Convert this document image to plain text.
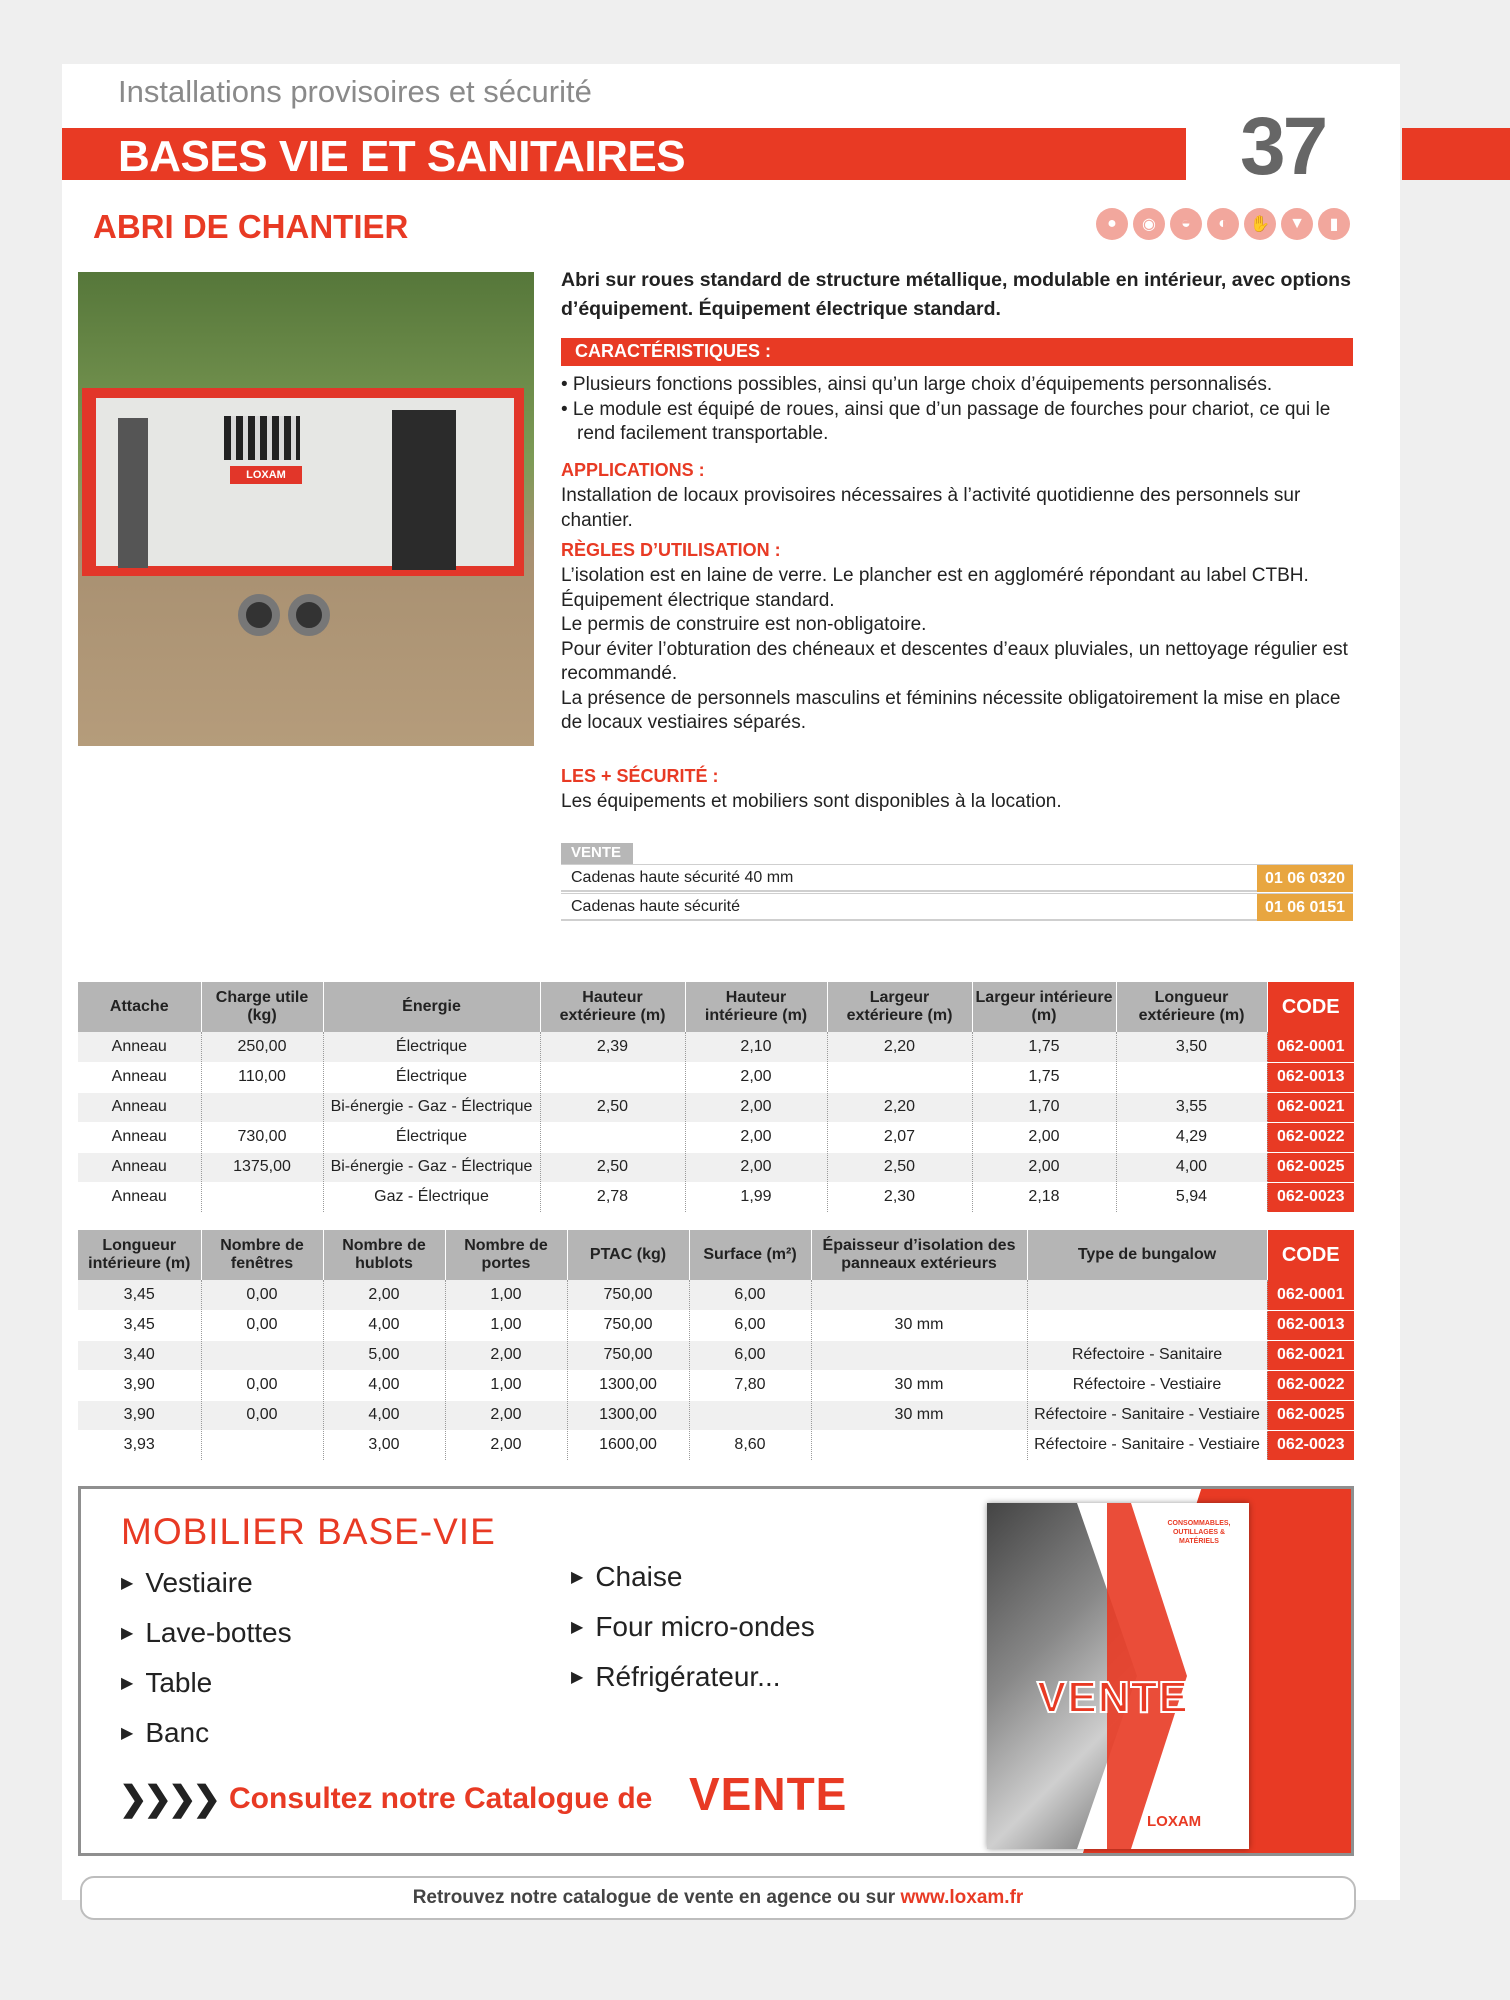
Installations provisoires et sécurité
BASES VIE ET SANITAIRES	37
ABRI DE CHANTIER	●	◉	◒	◐	✋	▼	▮
LOXAM
Abri sur roues standard de structure métallique, modulable en intérieur, avec options d’équipement. Équipement électrique standard.
CARACTÉRISTIQUES :
• Plusieurs fonctions possibles, ainsi qu’un large choix d’équipements personnalisés.
• Le module est équipé de roues, ainsi que d’un passage de fourches pour chariot, ce qui le rend facilement transportable.
APPLICATIONS :
Installation de locaux provisoires nécessaires à l’activité quotidienne des personnels sur chantier.
RÈGLES D’UTILISATION :
L’isolation est en laine de verre. Le plancher est en aggloméré répondant au label CTBH.
Équipement électrique standard.
Le permis de construire est non-obligatoire.
Pour éviter l’obturation des chéneaux et descentes d’eaux pluviales, un nettoyage régulier est recommandé.
La présence de personnels masculins et féminins nécessite obligatoirement la mise en place de locaux vestiaires séparés.
LES + SÉCURITÉ :
Les équipements et mobiliers sont disponibles à la location.
VENTE
Cadenas haute sécurité 40 mm	01 06 0320
Cadenas haute sécurité	01 06 0151
Attache	Charge utile (kg)	Énergie	Hauteur extérieure (m)	Hauteur intérieure (m)	Largeur extérieure (m)	Largeur intérieure (m)	Longueur extérieure (m)	CODE
Anneau	250,00	Électrique	2,39	2,10	2,20	1,75	3,50	062-0001
Anneau	110,00	Électrique		2,00		1,75		062-0013
Anneau		Bi-énergie - Gaz - Électrique	2,50	2,00	2,20	1,70	3,55	062-0021
Anneau	730,00	Électrique		2,00	2,07	2,00	4,29	062-0022
Anneau	1375,00	Bi-énergie - Gaz - Électrique	2,50	2,00	2,50	2,00	4,00	062-0025
Anneau		Gaz - Électrique	2,78	1,99	2,30	2,18	5,94	062-0023
Longueur intérieure (m)	Nombre de fenêtres	Nombre de hublots	Nombre de portes	PTAC (kg)	Surface (m²)	Épaisseur d’isolation des panneaux extérieurs	Type de bungalow	CODE
3,45	0,00	2,00	1,00	750,00	6,00			062-0001
3,45	0,00	4,00	1,00	750,00	6,00	30 mm		062-0013
3,40		5,00	2,00	750,00	6,00		Réfectoire - Sanitaire	062-0021
3,90	0,00	4,00	1,00	1300,00	7,80	30 mm	Réfectoire - Vestiaire	062-0022
3,90	0,00	4,00	2,00	1300,00		30 mm	Réfectoire - Sanitaire - Vestiaire	062-0025
3,93		3,00	2,00	1600,00	8,60		Réfectoire - Sanitaire - Vestiaire	062-0023
MOBILIER BASE-VIE
▶ Vestiaire
▶ Lave-bottes
▶ Table
▶ Banc
▶ Chaise
▶ Four micro-ondes
▶ Réfrigérateur...
❯❯❯❯ Consultez notre Catalogue de VENTE
CONSOMMABLES, OUTILLAGES & MATÉRIELS
VENTE
LOXAM
Retrouvez notre catalogue de vente en agence ou sur www.loxam.fr
